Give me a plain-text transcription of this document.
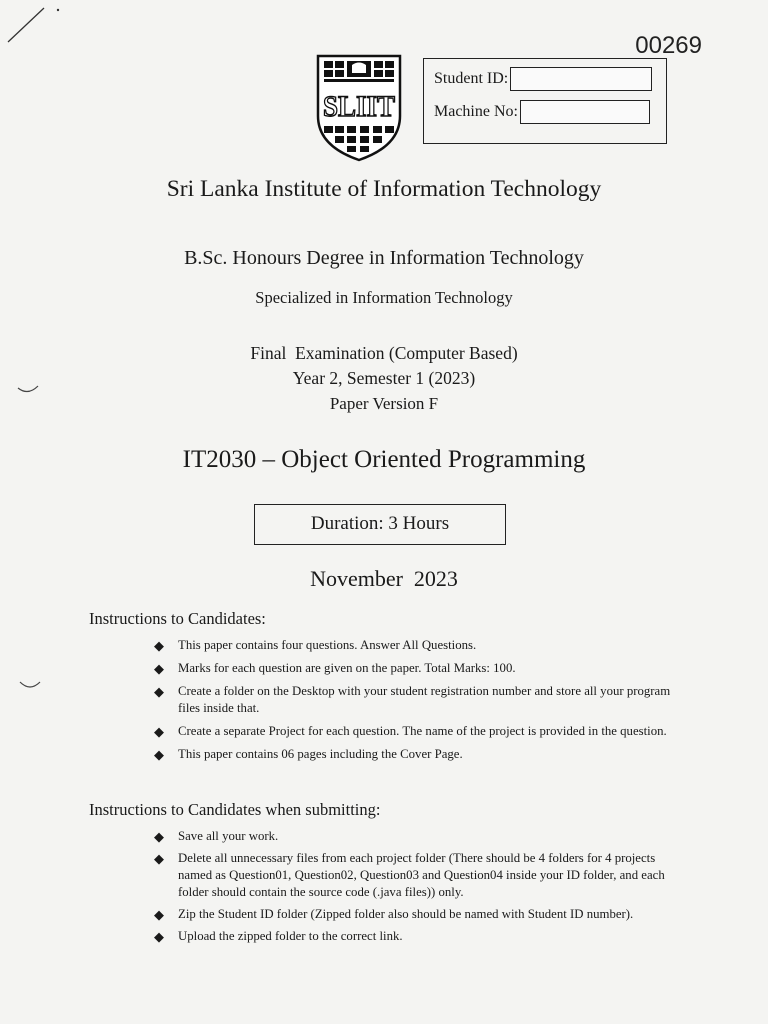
00269
SLIIT
Student ID:
Machine No:
Sri Lanka Institute of Information Technology
B.Sc. Honours Degree in Information Technology
Specialized in Information Technology
Final  Examination (Computer Based)
Year 2, Semester 1 (2023)
Paper Version F
IT2030 – Object Oriented Programming
Duration: 3 Hours
November  2023
Instructions to Candidates:
◆ This paper contains four questions. Answer All Questions.
◆ Marks for each question are given on the paper. Total Marks: 100.
◆ Create a folder on the Desktop with your student registration number and store all your program files inside that.
◆ Create a separate Project for each question. The name of the project is provided in the question.
◆ This paper contains 06 pages including the Cover Page.
Instructions to Candidates when submitting:
◆ Save all your work.
◆ Delete all unnecessary files from each project folder (There should be 4 folders for 4 projects named as Question01, Question02, Question03 and Question04 inside your ID folder, and each folder should contain the source code (.java files)) only.
◆ Zip the Student ID folder (Zipped folder also should be named with Student ID number).
◆ Upload the zipped folder to the correct link.
